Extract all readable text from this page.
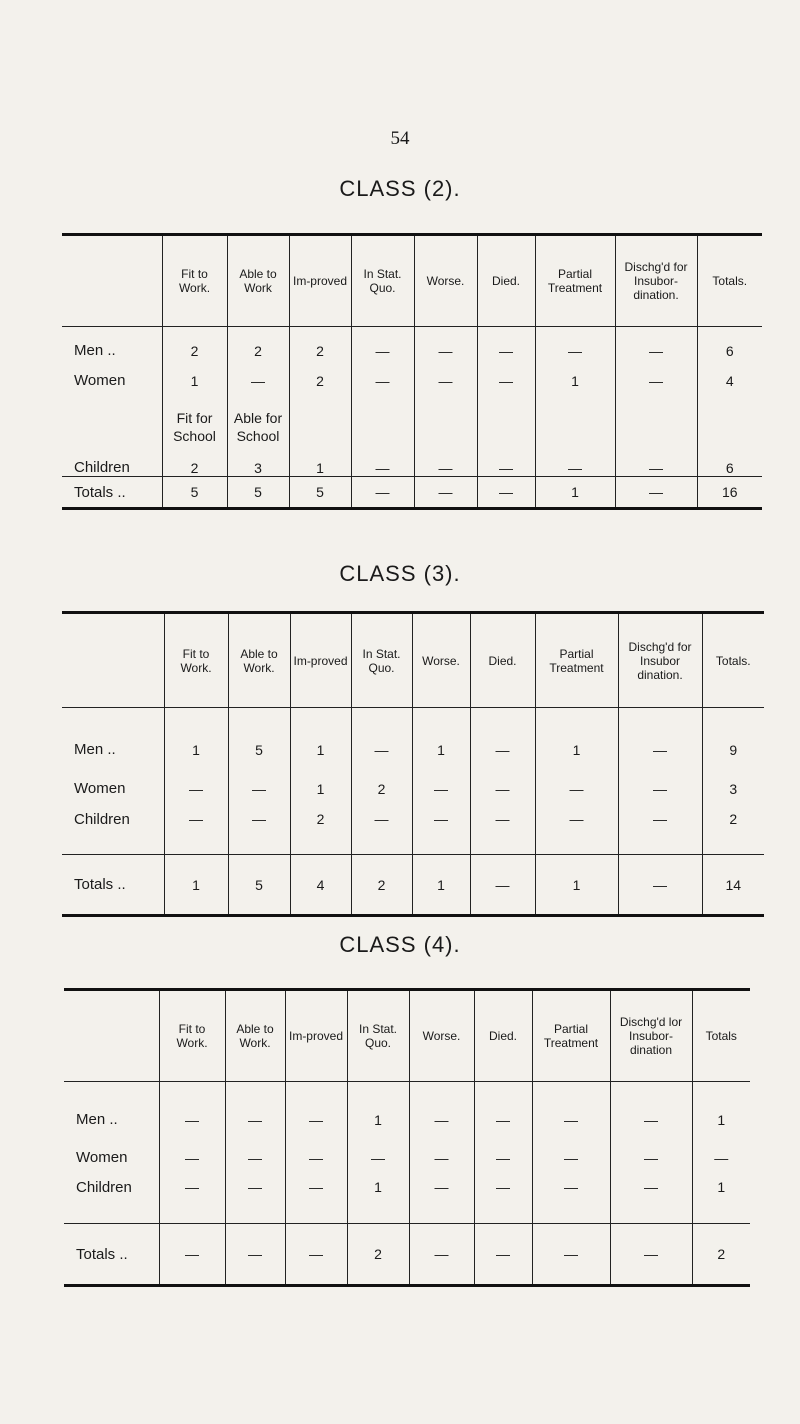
54
CLASS (2).
	Fit to Work.	Able to Work	Im-proved	In Stat. Quo.	Worse.	Died.	Partial Treatment	Dischg'd for Insubor-dination.	Totals.
Men ..	2	2	2	—	—	—	—	—	6
Women	1	—	2	—	—	—	1	—	4
	Fit for School	Able for School							
Children	2	3	1	—	—	—	—	—	6
Totals ..	5	5	5	—	—	—	1	—	16
CLASS (3).
	Fit to Work.	Able to Work.	Im-proved	In Stat. Quo.	Worse.	Died.	Partial Treatment	Dischg'd for Insubor dination.	Totals.
Men ..	1	5	1	—	1	—	1	—	9
Women	—	—	1	2	—	—	—	—	3
Children	—	—	2	—	—	—	—	—	2
Totals ..	1	5	4	2	1	—	1	—	14
CLASS (4).
	Fit to Work.	Able to Work.	Im-proved	In Stat. Quo.	Worse.	Died.	Partial Treatment	Dischg'd lor Insubor-dination	Totals
Men ..	—	—	—	1	—	—	—	—	1
Women	—	—	—	—	—	—	—	—	—
Children	—	—	—	1	—	—	—	—	1
Totals ..	—	—	—	2	—	—	—	—	2
